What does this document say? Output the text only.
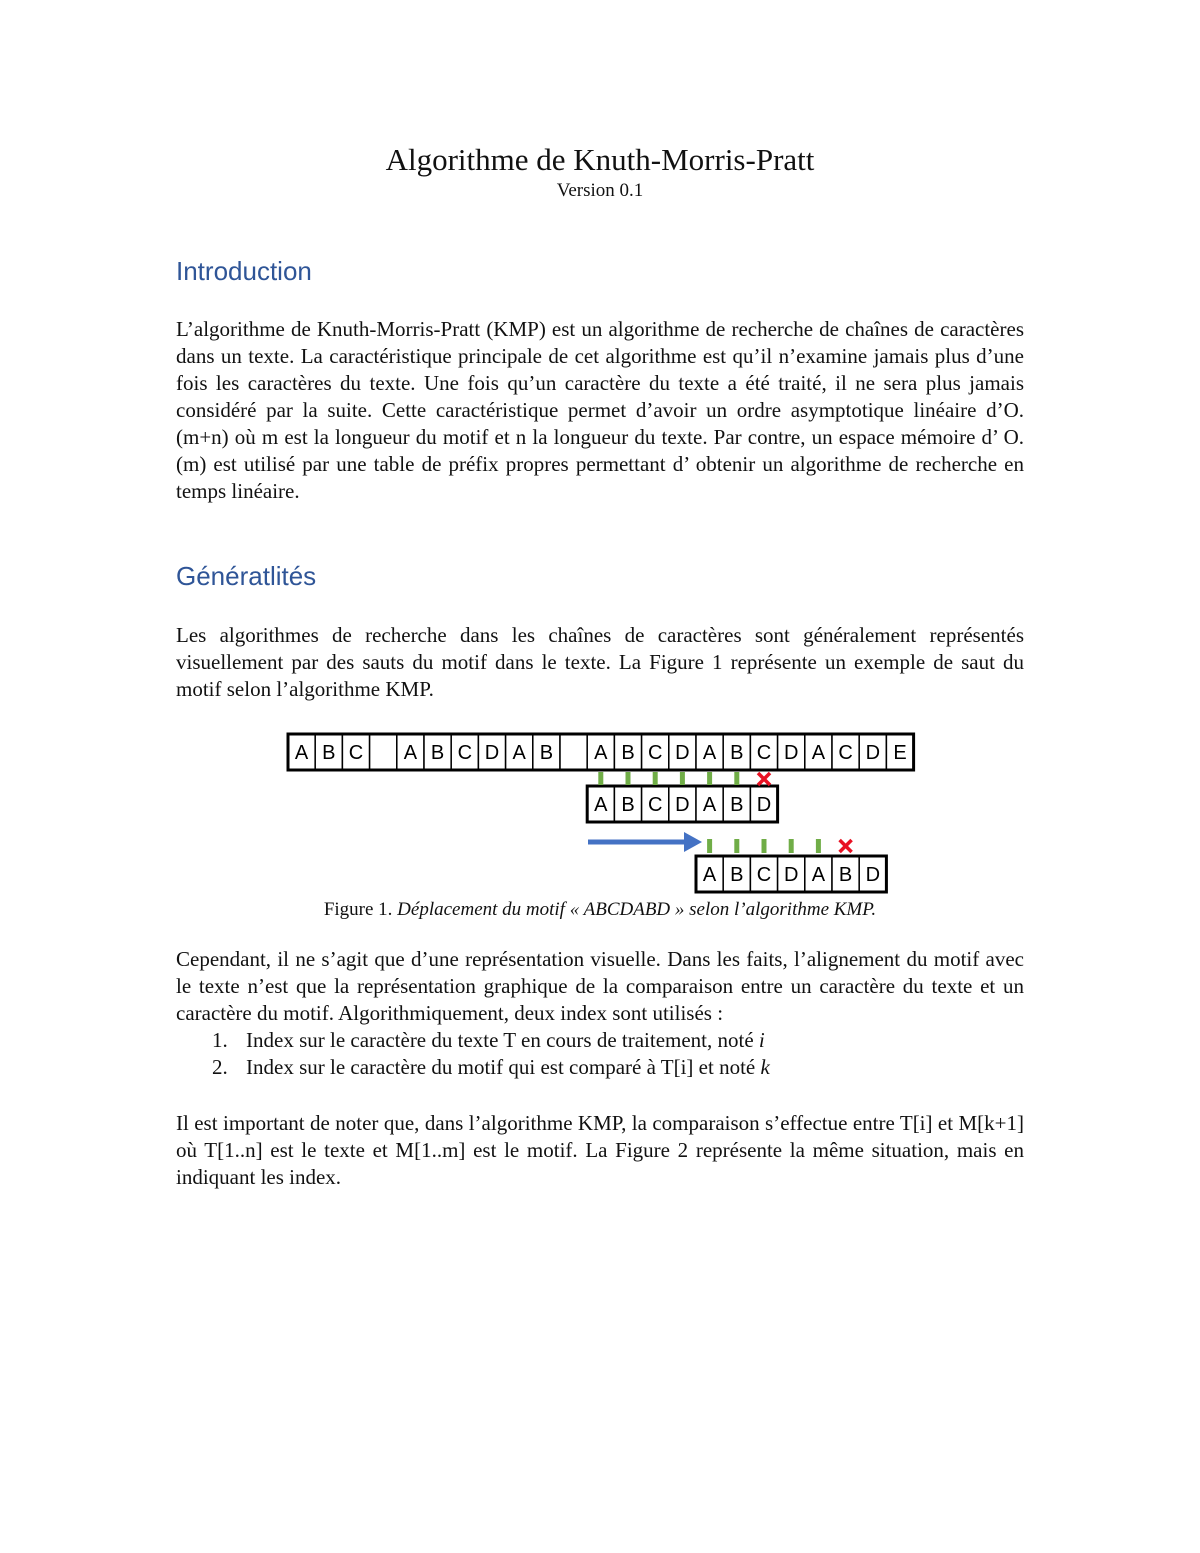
Algorithme de Knuth-Morris-Pratt
Version 0.1
Introduction

L’algorithme de Knuth-Morris-Pratt (KMP) est un algorithme de recherche de chaînes de caractères dans un texte. La caractéristique principale de cet algorithme est qu’il n’examine jamais plus d’une fois les caractères du texte. Une fois qu’un caractère du texte a été traité, il ne sera plus jamais considéré par la suite. Cette caractéristique permet d’avoir un ordre asymptotique linéaire d’O.(m+n) où m est la longueur du motif et n la longueur du texte. Par contre, un espace mémoire d’ O.(m) est utilisé par une table de préfix propres permettant d’ obtenir un algorithme de recherche en temps linéaire.

Génératlités

Les algorithmes de recherche dans les chaînes de caractères sont généralement représentés visuellement par des sauts du motif dans le texte. La Figure 1 représente un exemple de saut du motif selon l’algorithme KMP.

A B C A B C D A B A B C D A B C D A C D E
A B C D A B D
A B C D A B D
Figure 1. Déplacement du motif « ABCDABD » selon l’algorithme KMP.

Cependant, il ne s’agit que d’une représentation visuelle. Dans les faits, l’alignement du motif avec le texte n’est que la représentation graphique de la comparaison entre un caractère du texte et un caractère du motif. Algorithmiquement, deux index sont utilisés :

1. Index sur le caractère du texte T en cours de traitement, noté i
2. Index sur le caractère du motif qui est comparé à T[i] et noté k

Il est important de noter que, dans l’algorithme KMP, la comparaison s’effectue entre T[i] et M[k+1] où T[1..n] est le texte et M[1..m] est le motif. La Figure 2 représente la même situation, mais en indiquant les index.
